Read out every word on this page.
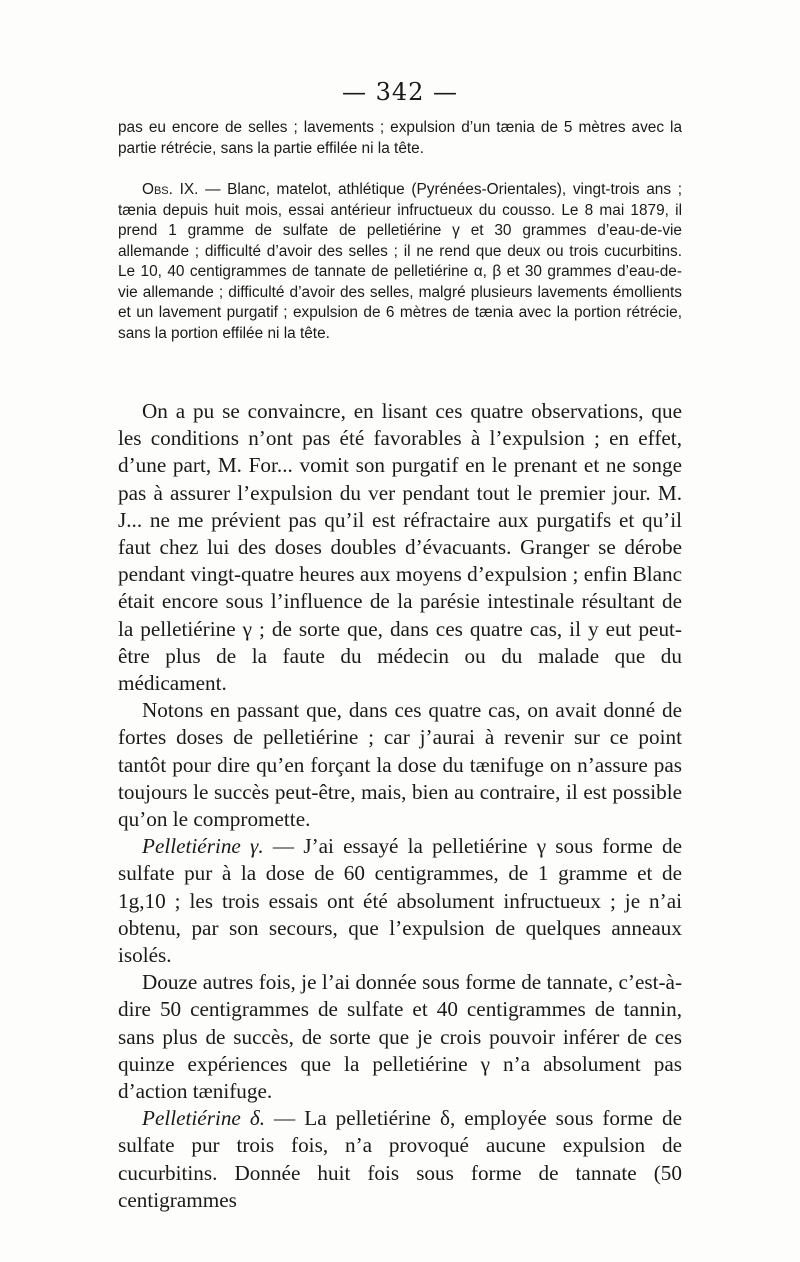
— 342 —

pas eu encore de selles ; lavements ; expulsion d’un tænia de 5 mètres avec la partie rétrécie, sans la partie effilée ni la tête.

Obs. IX. — Blanc, matelot, athlétique (Pyrénées-Orientales), vingt-trois ans ; tænia depuis huit mois, essai antérieur infructueux du cousso. Le 8 mai 1879, il prend 1 gramme de sulfate de pelletiérine γ et 30 grammes d’eau-de-vie allemande ; difficulté d’avoir des selles ; il ne rend que deux ou trois cucurbitins. Le 10, 40 centigrammes de tannate de pelletiérine α, β et 30 grammes d’eau-de-vie allemande ; difficulté d’avoir des selles, malgré plusieurs lavements émollients et un lavement purgatif ; expulsion de 6 mètres de tænia avec la portion rétrécie, sans la portion effilée ni la tête.

On a pu se convaincre, en lisant ces quatre observations, que les conditions n’ont pas été favorables à l’expulsion ; en effet, d’une part, M. For... vomit son purgatif en le prenant et ne songe pas à assurer l’expulsion du ver pendant tout le premier jour. M. J... ne me prévient pas qu’il est réfractaire aux purgatifs et qu’il faut chez lui des doses doubles d’évacuants. Granger se dérobe pendant vingt-quatre heures aux moyens d’expulsion ; enfin Blanc était encore sous l’influence de la parésie intestinale résultant de la pelletiérine γ ; de sorte que, dans ces quatre cas, il y eut peut-être plus de la faute du médecin ou du malade que du médicament.

Notons en passant que, dans ces quatre cas, on avait donné de fortes doses de pelletiérine ; car j’aurai à revenir sur ce point tantôt pour dire qu’en forçant la dose du tænifuge on n’assure pas toujours le succès peut-être, mais, bien au contraire, il est possible qu’on le compromette.

Pelletiérine γ. — J’ai essayé la pelletiérine γ sous forme de sulfate pur à la dose de 60 centigrammes, de 1 gramme et de 1g,10 ; les trois essais ont été absolument infructueux ; je n’ai obtenu, par son secours, que l’expulsion de quelques anneaux isolés.

Douze autres fois, je l’ai donnée sous forme de tannate, c’est-à-dire 50 centigrammes de sulfate et 40 centigrammes de tannin, sans plus de succès, de sorte que je crois pouvoir inférer de ces quinze expériences que la pelletiérine γ n’a absolument pas d’action tænifuge.

Pelletiérine δ. — La pelletiérine δ, employée sous forme de sulfate pur trois fois, n’a provoqué aucune expulsion de cucurbitins. Donnée huit fois sous forme de tannate (50 centigrammes
